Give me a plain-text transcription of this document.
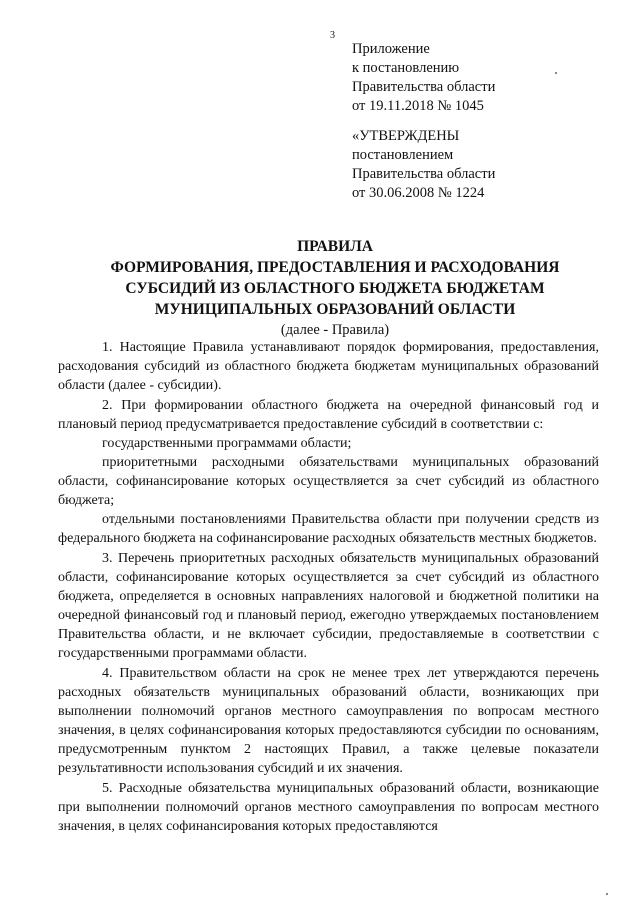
3
Приложение
к постановлению
Правительства области
от 19.11.2018 № 1045
«УТВЕРЖДЕНЫ
постановлением
Правительства области
от 30.06.2008 № 1224
ПРАВИЛА
ФОРМИРОВАНИЯ, ПРЕДОСТАВЛЕНИЯ И РАСХОДОВАНИЯ
СУБСИДИЙ ИЗ ОБЛАСТНОГО БЮДЖЕТА БЮДЖЕТАМ
МУНИЦИПАЛЬНЫХ ОБРАЗОВАНИЙ ОБЛАСТИ
(далее - Правила)

1. Настоящие Правила устанавливают порядок формирования, предоставления, расходования субсидий из областного бюджета бюджетам муниципальных образований области (далее - субсидии).

2. При формировании областного бюджета на очередной финансовый год и плановый период предусматривается предоставление субсидий в соответствии с:

государственными программами области;

приоритетными расходными обязательствами муниципальных образований области, софинансирование которых осуществляется за счет субсидий из областного бюджета;

отдельными постановлениями Правительства области при получении средств из федерального бюджета на софинансирование расходных обязательств местных бюджетов.

3. Перечень приоритетных расходных обязательств муниципальных образований области, софинансирование которых осуществляется за счет субсидий из областного бюджета, определяется в основных направлениях налоговой и бюджетной политики на очередной финансовый год и плановый период, ежегодно утверждаемых постановлением Правительства области, и не включает субсидии, предоставляемые в соответствии с государственными программами области.

4. Правительством области на срок не менее трех лет утверждаются перечень расходных обязательств муниципальных образований области, возникающих при выполнении полномочий органов местного самоуправления по вопросам местного значения, в целях софинансирования которых предоставляются субсидии по основаниям, предусмотренным пунктом 2 настоящих Правил, а также целевые показатели результативности использования субсидий и их значения.

5. Расходные обязательства муниципальных образований области, возникающие при выполнении полномочий органов местного самоуправления по вопросам местного значения, в целях софинансирования которых предоставляются
